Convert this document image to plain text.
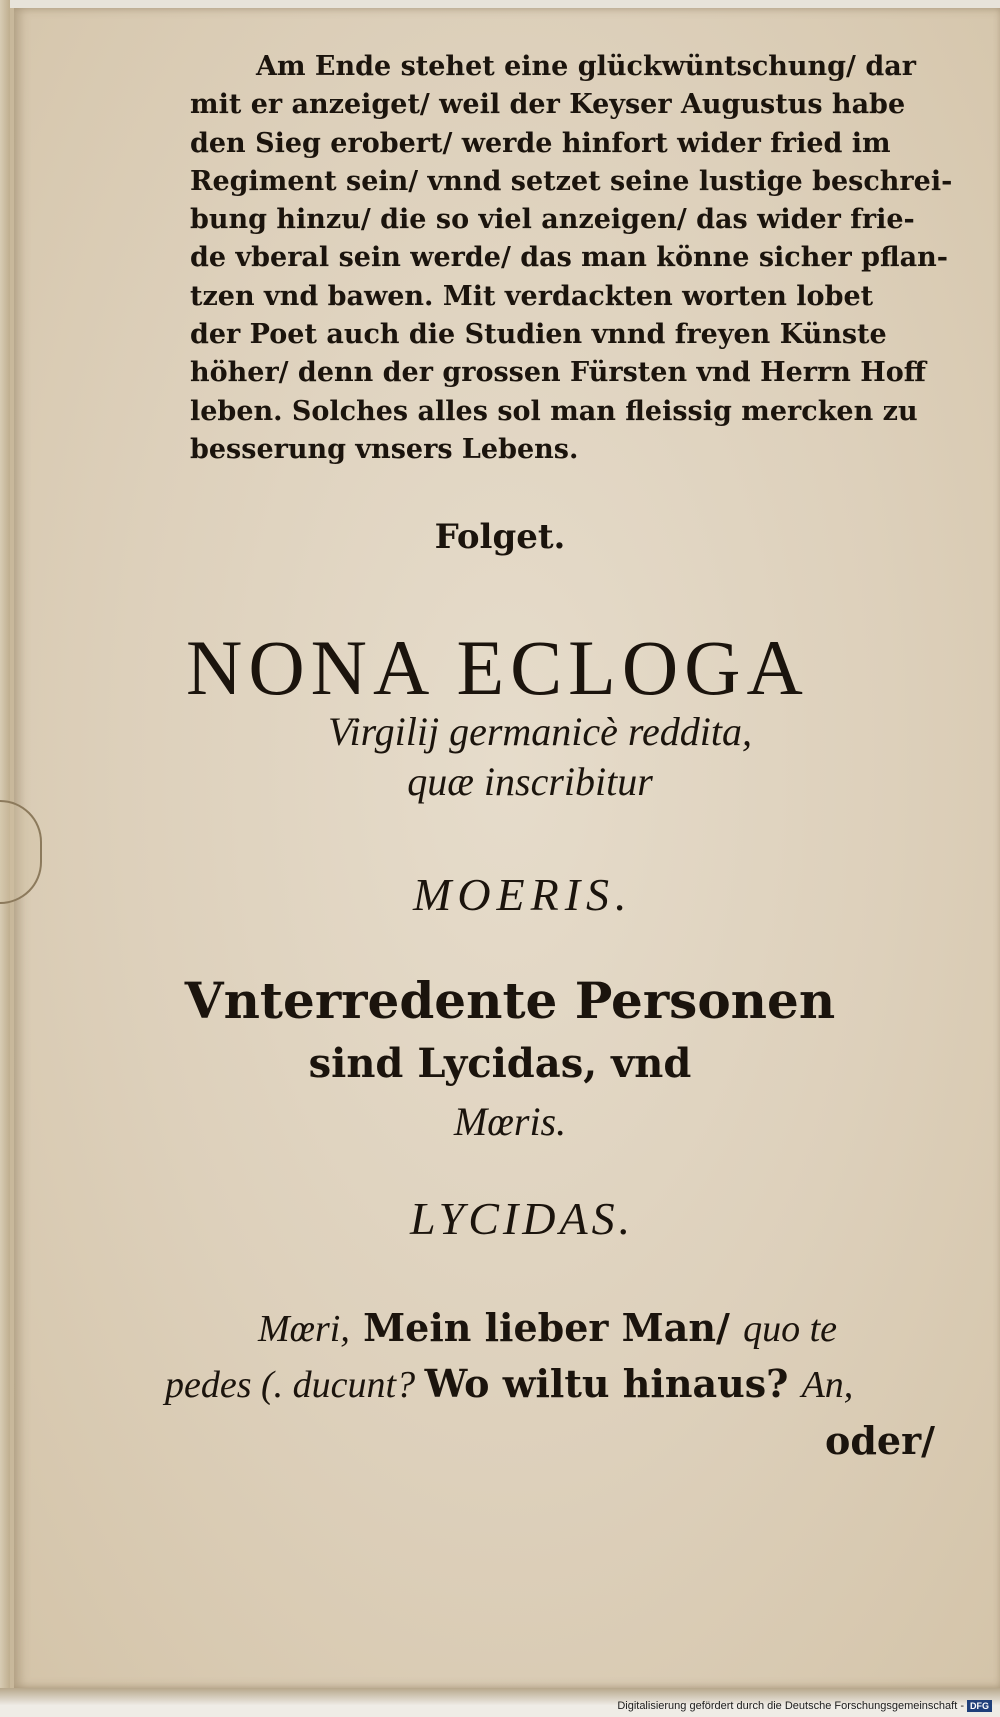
Am Ende stehet eine glückwüntschung/ dar
mit er anzeiget/ weil der Keyser Augustus habe
den Sieg erobert/ werde hinfort wider fried im
Regiment sein/ vnnd setzet seine lustige beschrei-
bung hinzu/ die so viel anzeigen/ das wider frie-
de vberal sein werde/ das man könne sicher pflan-
tzen vnd bawen. Mit verdackten worten lobet
der Poet auch die Studien vnnd freyen Künste
höher/ denn der grossen Fürsten vnd Herrn Hoff
leben. Solches alles sol man fleissig mercken zu
besserung vnsers Lebens.
Folget.
NONA ECLOGA
Virgilij germanicè reddita,
quæ inscribitur
MOERIS.
Vnterredente Personen
sind Lycidas, vnd
Mœris.
LYCIDAS.
Mœri, Mein lieber Man/ quo te
pedes (. ducunt? Wo wiltu hinaus? An,
oder/
Digitalisierung gefördert durch die Deutsche Forschungsgemeinschaft - DFG
